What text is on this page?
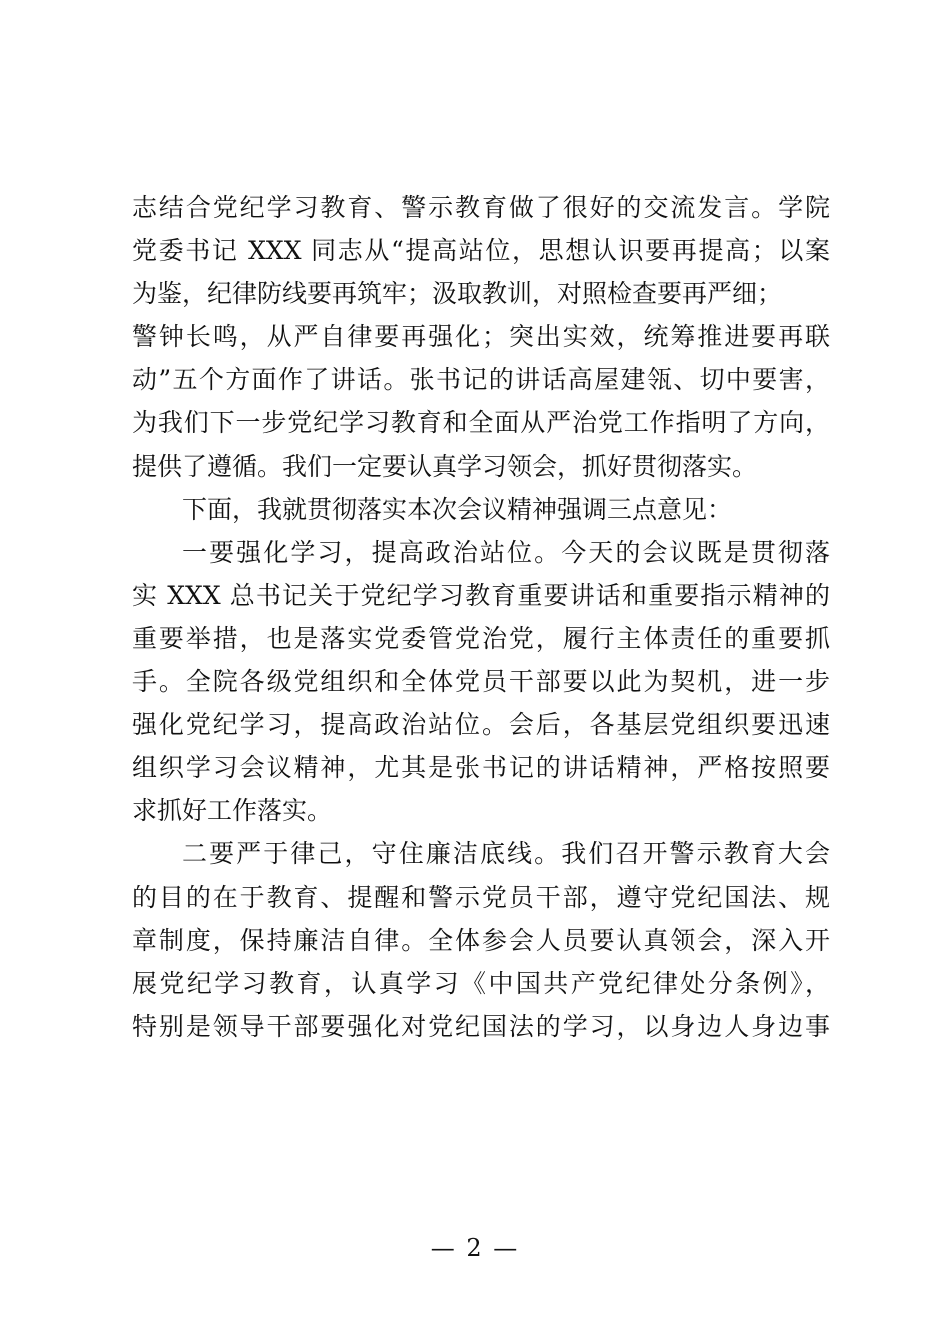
志结合党纪学习教育、警示教育做了很好的交流发言。学院
党委书记 XXX 同志从“提高站位，思想认识要再提高；以案
为鉴，纪律防线要再筑牢；汲取教训，对照检查要再严细；
警钟长鸣，从严自律要再强化；突出实效，统筹推进要再联
动”五个方面作了讲话。张书记的讲话高屋建瓴、切中要害，
为我们下一步党纪学习教育和全面从严治党工作指明了方向，
提供了遵循。我们一定要认真学习领会，抓好贯彻落实。
下面，我就贯彻落实本次会议精神强调三点意见：
一要强化学习，提高政治站位。今天的会议既是贯彻落
实 XXX 总书记关于党纪学习教育重要讲话和重要指示精神的
重要举措，也是落实党委管党治党，履行主体责任的重要抓
手。全院各级党组织和全体党员干部要以此为契机，进一步
强化党纪学习，提高政治站位。会后，各基层党组织要迅速
组织学习会议精神，尤其是张书记的讲话精神，严格按照要
求抓好工作落实。
二要严于律己，守住廉洁底线。我们召开警示教育大会
的目的在于教育、提醒和警示党员干部，遵守党纪国法、规
章制度，保持廉洁自律。全体参会人员要认真领会，深入开
展党纪学习教育，认真学习《中国共产党纪律处分条例》，
特别是领导干部要强化对党纪国法的学习，以身边人身边事
— 2 —
